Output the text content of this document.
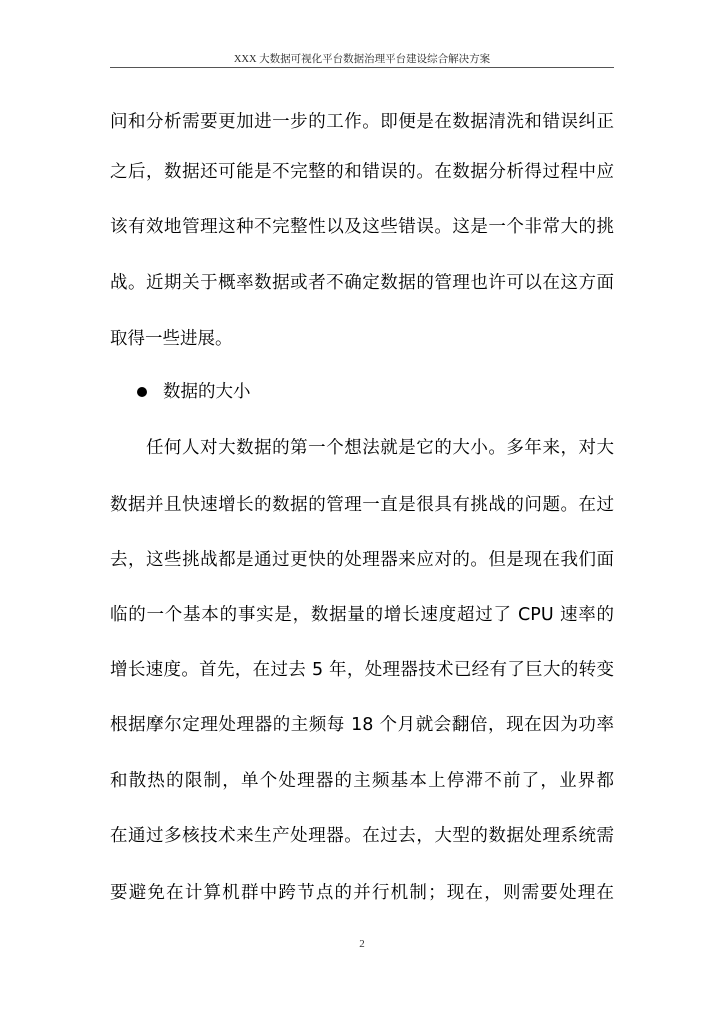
XXX 大数据可视化平台数据治理平台建设综合解决方案
问和分析需要更加进一步的工作。即便是在数据清洗和错误纠正
之后，数据还可能是不完整的和错误的。在数据分析得过程中应
该有效地管理这种不完整性以及这些错误。这是一个非常大的挑
战。近期关于概率数据或者不确定数据的管理也许可以在这方面
取得一些进展。
数据的大小
任何人对大数据的第一个想法就是它的大小。多年来，对大
数据并且快速增长的数据的管理一直是很具有挑战的问题。在过
去，这些挑战都是通过更快的处理器来应对的。但是现在我们面
临的一个基本的事实是，数据量的增长速度超过了 CPU 速率的
增长速度。首先，在过去 5 年，处理器技术已经有了巨大的转变
根据摩尔定理处理器的主频每 18 个月就会翻倍，现在因为功率
和散热的限制，单个处理器的主频基本上停滞不前了，业界都
在通过多核技术来生产处理器。在过去，大型的数据处理系统需
要避免在计算机群中跨节点的并行机制；现在，则需要处理在
2
